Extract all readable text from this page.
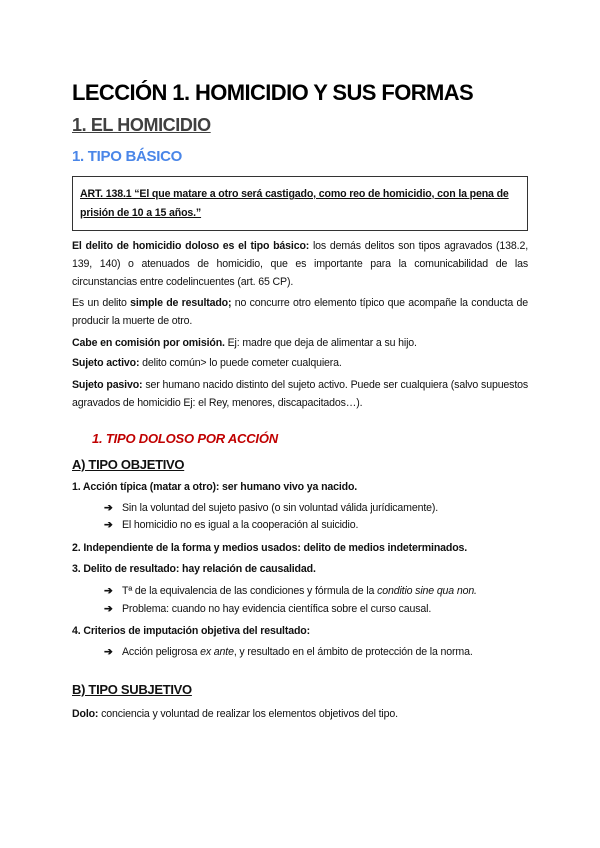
LECCIÓN 1. HOMICIDIO Y SUS FORMAS
1. EL HOMICIDIO
1. TIPO BÁSICO
ART. 138.1 “El que matare a otro será castigado, como reo de homicidio, con la pena de prisión de 10 a 15 años.”
El delito de homicidio doloso es el tipo básico: los demás delitos son tipos agravados (138.2, 139, 140) o atenuados de homicidio, que es importante para la comunicabilidad de las circunstancias entre codelincuentes (art. 65 CP).
Es un delito simple de resultado; no concurre otro elemento típico que acompañe la conducta de producir la muerte de otro.
Cabe en comisión por omisión. Ej: madre que deja de alimentar a su hijo.
Sujeto activo: delito común> lo puede cometer cualquiera.
Sujeto pasivo: ser humano nacido distinto del sujeto activo. Puede ser cualquiera (salvo supuestos agravados de homicidio Ej: el Rey, menores, discapacitados…).
1. TIPO DOLOSO POR ACCIÓN
A) TIPO OBJETIVO
1. Acción típica (matar a otro): ser humano vivo ya nacido.
➔ Sin la voluntad del sujeto pasivo (o sin voluntad válida jurídicamente).
➔ El homicidio no es igual a la cooperación al suicidio.
2. Independiente de la forma y medios usados: delito de medios indeterminados.
3. Delito de resultado: hay relación de causalidad.
➔ Tª de la equivalencia de las condiciones y fórmula de la conditio sine qua non.
➔ Problema: cuando no hay evidencia científica sobre el curso causal.
4. Criterios de imputación objetiva del resultado:
➔ Acción peligrosa ex ante, y resultado en el ámbito de protección de la norma.
B) TIPO SUBJETIVO
Dolo: conciencia y voluntad de realizar los elementos objetivos del tipo.
